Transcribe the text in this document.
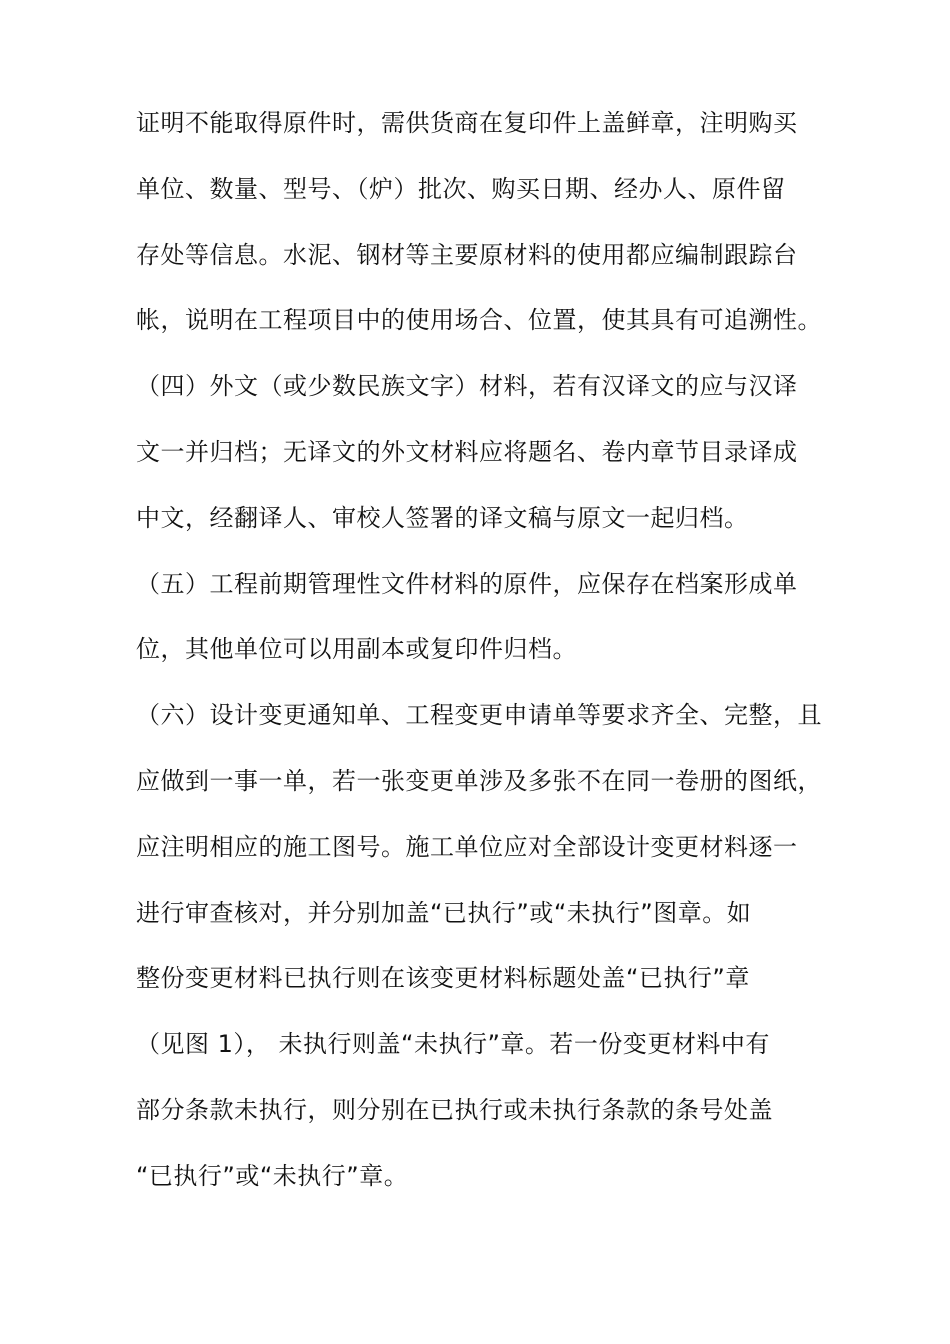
证明不能取得原件时，需供货商在复印件上盖鲜章，注明购买
单位、数量、型号、（炉）批次、购买日期、经办人、原件留
存处等信息。水泥、钢材等主要原材料的使用都应编制跟踪台
帐，说明在工程项目中的使用场合、位置，使其具有可追溯性。
（四）外文（或少数民族文字）材料，若有汉译文的应与汉译
文一并归档；无译文的外文材料应将题名、卷内章节目录译成
中文，经翻译人、审校人签署的译文稿与原文一起归档。
（五）工程前期管理性文件材料的原件，应保存在档案形成单
位，其他单位可以用副本或复印件归档。
（六）设计变更通知单、工程变更申请单等要求齐全、完整，且
应做到一事一单，若一张变更单涉及多张不在同一卷册的图纸，
应注明相应的施工图号。施工单位应对全部设计变更材料逐一
进行审查核对，并分别加盖“已执行”或“未执行”图章。如
整份变更材料已执行则在该变更材料标题处盖“已执行”章
（见图 1）， 未执行则盖“未执行”章。若一份变更材料中有
部分条款未执行，则分别在已执行或未执行条款的条号处盖
“已执行”或“未执行”章。
